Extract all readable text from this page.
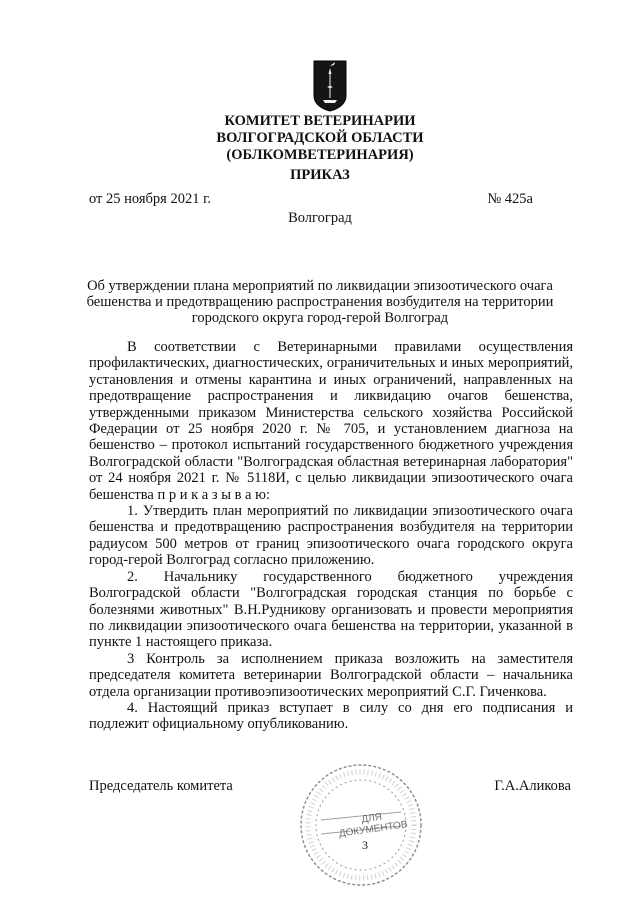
КОМИТЕТ ВЕТЕРИНАРИИ
ВОЛГОГРАДСКОЙ ОБЛАСТИ
(ОБЛКОМВЕТЕРИНАРИЯ)
ПРИКАЗ
от 25 ноября 2021 г.	№ 425а
Волгоград
Об утверждении плана мероприятий по ликвидации эпизоотического очага
бешенства и предотвращению распространения возбудителя на территории
городского округа город-герой Волгоград

В соответствии с Ветеринарными правилами осуществления профилактических, диагностических, ограничительных и иных мероприятий, установления и отмены карантина и иных ограничений, направленных на предотвращение распространения и ликвидацию очагов бешенства, утвержденными приказом Министерства сельского хозяйства Российской Федерации от 25 ноября 2020 г. № 705, и установлением диагноза на бешенство – протокол испытаний государственного бюджетного учреждения Волгоградской области "Волгоградская областная ветеринарная лаборатория" от 24 ноября 2021 г. № 5118И, с целью ликвидации эпизоотического очага бешенства п р и к а з ы в а ю:

1. Утвердить план мероприятий по ликвидации эпизоотического очага бешенства и предотвращению распространения возбудителя на территории радиусом 500 метров от границ эпизоотического очага городского округа город-герой Волгоград согласно приложению.

2. Начальнику государственного бюджетного учреждения Волгоградской области "Волгоградская городская станция по борьбе с болезнями животных" В.Н.Рудникову организовать и провести мероприятия по ликвидации эпизоотического очага бешенства на территории, указанной в пункте 1 настоящего приказа.

3 Контроль за исполнением приказа возложить на заместителя председателя комитета ветеринарии Волгоградской области – начальника отдела организации противоэпизоотических мероприятий С.Г. Гиченкова.

4. Настоящий приказ вступает в силу со дня его подписания и подлежит официальному опубликованию.

Председатель комитета	Г.А.Аликова
ДЛЯ ДОКУМЕНТОВ
3
